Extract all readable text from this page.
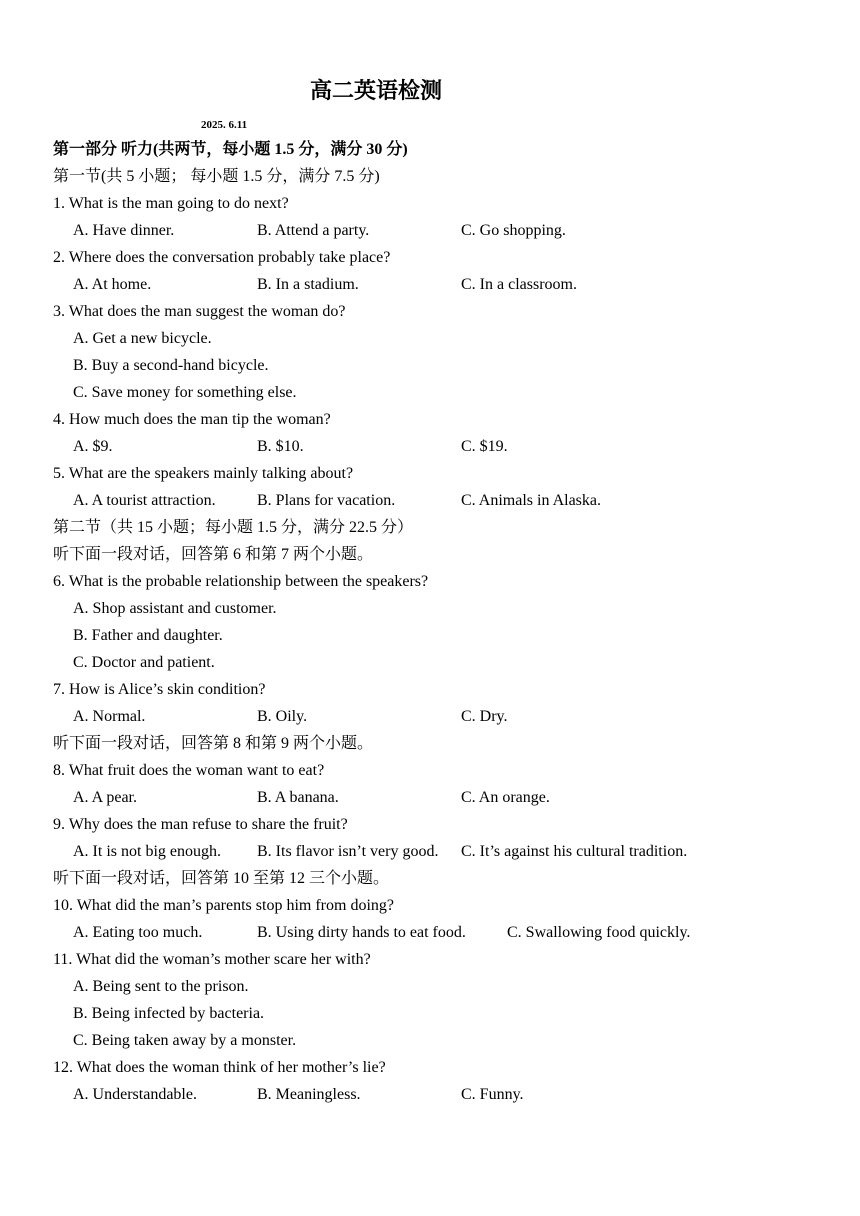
高二英语检测
2025. 6.11
第一部分 听力(共两节，每小题 1.5 分，满分 30 分)
第一节(共 5 小题； 每小题 1.5 分，满分 7.5 分)
1. What is the man going to do next?
A. Have dinner.	B. Attend a party.	C. Go shopping.
2. Where does the conversation probably take place?
A. At home.	B. In a stadium.	C. In a classroom.
3. What does the man suggest the woman do?
A. Get a new bicycle.
B. Buy a second-hand bicycle.
C. Save money for something else.
4. How much does the man tip the woman?
A. $9.	B. $10.	C. $19.
5. What are the speakers mainly talking about?
A. A tourist attraction.	B. Plans for vacation.	C. Animals in Alaska.
第二节（共 15 小题；每小题 1.5 分，满分 22.5 分）
听下面一段对话，回答第 6 和第 7 两个小题。
6. What is the probable relationship between the speakers?
A. Shop assistant and customer.
B. Father and daughter.
C. Doctor and patient.
7. How is Alice’s skin condition?
A. Normal.	B. Oily.	C. Dry.
听下面一段对话，回答第 8 和第 9 两个小题。
8. What fruit does the woman want to eat?
A. A pear.	B. A banana.	C. An orange.
9. Why does the man refuse to share the fruit?
A. It is not big enough. B. Its flavor isn’t very good. C. It’s against his cultural tradition.
听下面一段对话，回答第 10 至第 12 三个小题。
10. What did the man’s parents stop him from doing?
A. Eating too much.	B. Using dirty hands to eat food.	C. Swallowing food quickly.
11. What did the woman’s mother scare her with?
A. Being sent to the prison.
B. Being infected by bacteria.
C. Being taken away by a monster.
12. What does the woman think of her mother’s lie?
A. Understandable.	B. Meaningless.	C. Funny.
